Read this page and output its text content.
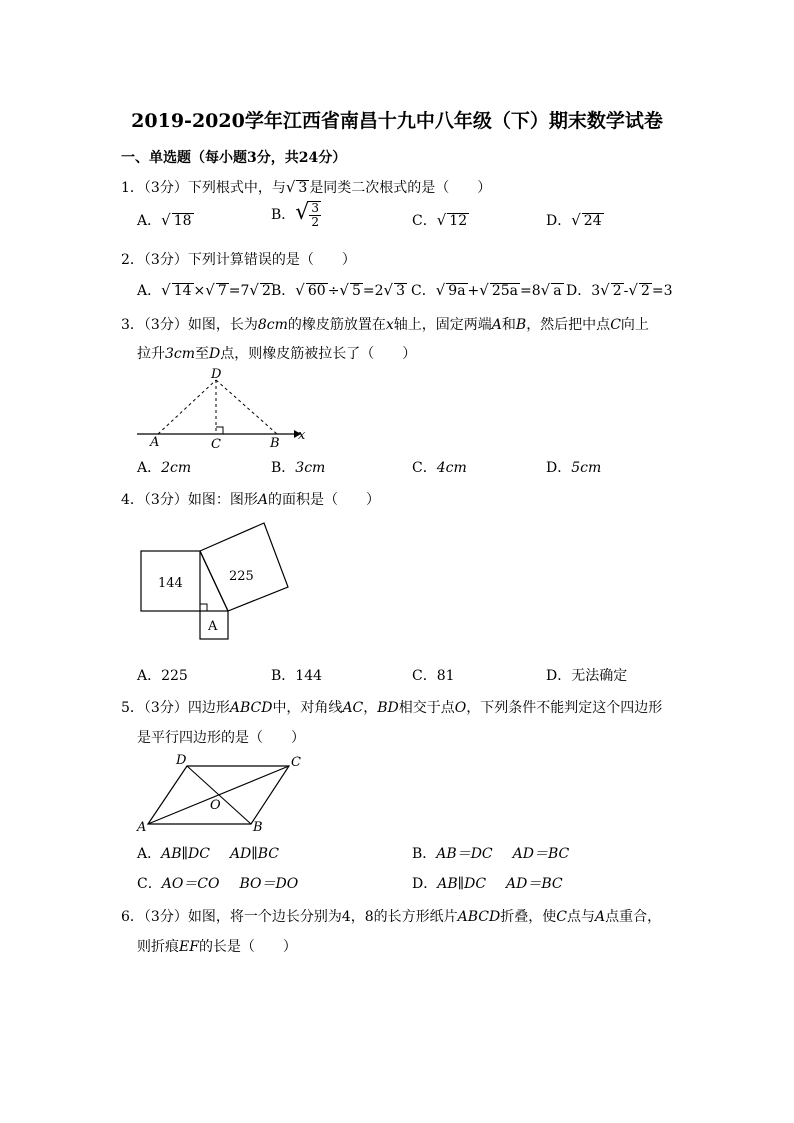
2019-2020学年江西省南昌十九中八年级（下）期末数学试卷
一、单选题（每小题3分，共24分）
1．（3分）下列根式中，与√ 3 是同类二次根式的是（　　）
A．√ 18	B．√ $\frac{3}{2}$	C．√ 12	D．√ 24
2．（3分）下列计算错误的是（　　）
A．√ 14 ×√ 7 =7√ 2 B．√ 60 ÷√ 5 =2√ 3 C．√ 9a +√ 25a =8√ a D．3√ 2 -√ 2 =3
3．（3分）如图，长为8cm的橡皮筋放置在x轴上，固定两端A和B，然后把中点C向上
拉升3cm至D点，则橡皮筋被拉长了（　　）
D
A	C	B
x
A．2cm	B．3cm	C．4cm	D．5cm
4．（3分）如图：图形A的面积是（　　）
144	225
A
A．225	B．144	C．81	D．无法确定
5．（3分）四边形ABCD中，对角线AC，BD相交于点O，下列条件不能判定这个四边形
是平行四边形的是（　　）
D	C
A	B
O
A．AB∥DC AD∥BC	B．AB＝DC AD＝BC
C．AO＝CO BO＝DO	D．AB∥DC AD＝BC
6．（3分）如图，将一个边长分别为4，8的长方形纸片ABCD折叠，使C点与A点重合，
则折痕EF的长是（　　）
